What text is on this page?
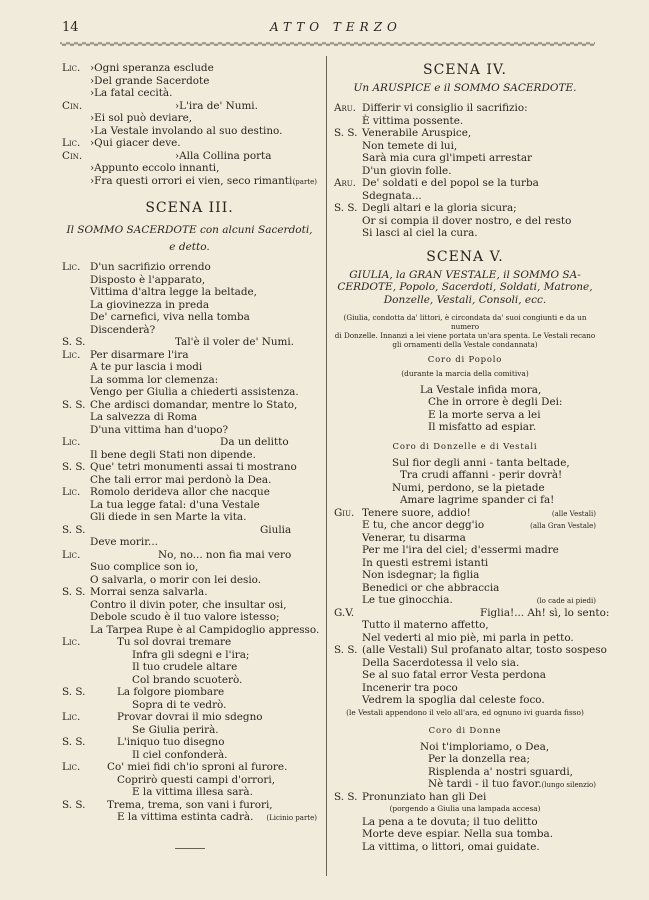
14	ATTO TERZO
Lic. ›Ogni speranza esclude
›Del grande Sacerdote
›La fatal cecità.
Cin.	›L'ira de' Numi.
›Ei sol può deviare,
›La Vestale involando al suo destino.
Lic. ›Qui giacer deve.
Cin.	›Alla Collina porta
›Appunto eccolo innanti,
›Fra questi orrori ei vien, seco rimanti.
(parte)
SCENA III.
Il SOMMO SACERDOTE con alcuni Sacerdoti,
e detto.
Lic. D'un sacrifizio orrendo
Disposto è l'apparato,
Vittima d'altra legge la beltade,
La giovinezza in preda
De' carnefici, viva nella tomba
Discenderà?
S. S.	Tal'è il voler de' Numi.
Lic. Per disarmare l'ira
A te pur lascia i modi
La somma lor clemenza:
Vengo per Giulia a chiederti assistenza.
S. S. Che ardisci domandar, mentre lo Stato,
La salvezza di Roma
D'una vittima han d'uopo?
Lic.	Da un delitto
Il bene degli Stati non dipende.
S. S. Que' tetri monumenti assai ti mostrano
Che tali error mai perdonò la Dea.
Lic. Romolo derideva allor che nacque
La tua legge fatal: d'una Vestale
Gli diede in sen Marte la vita.
S. S.	Giulia
Deve morir...
Lic.	No, no... non fia mai vero
Suo complice son io,
O salvarla, o morir con lei desio.
S. S. Morrai senza salvarla.
Contro il divin poter, che insultar osi,
Debole scudo è il tuo valore istesso;
La Tarpea Rupe è al Campidoglio appresso.
Lic.	Tu sol dovrai tremare
Infra gli sdegni e l'ira;
Il tuo crudele altare
Col brando scuoterò.
S. S.	La folgore piombare
Sopra di te vedrò.
Lic.	Provar dovrai il mio sdegno
Se Giulia perirà.
S. S.	L'iniquo tuo disegno
Il ciel confonderà.
Lic.	Co' miei fidi ch'io sproni al furore.
Coprirò questi campi d'orrori,
E la vittima illesa sarà.
S. S. Trema, trema, son vani i furori,
E la vittima estinta cadrà. (Licinio parte)
SCENA IV.
Un ARUSPICE e il SOMMO SACERDOTE.
Aru. Differir vi consiglio il sacrifizio:
È vittima possente.
S. S. Venerabile Aruspice,
Non temete di lui,
Sarà mia cura gl'impeti arrestar
D'un giovin folle.
Aru. De' soldati e del popol se la turba
Sdegnata...
S. S. Degli altari e la gloria sicura;
Or si compia il dover nostro, e del resto
Si lasci al ciel la cura.
SCENA V.
GIULIA, la GRAN VESTALE, il SOMMO SA-
CERDOTE, Popolo, Sacerdoti, Soldati, Matrone,
Donzelle, Vestali, Consoli, ecc.
(Giulia, condotta da' littori, è circondata da' suoi congiunti e da un numero
di Donzelle. Innanzi a lei viene portata un'ara spenta. Le Vestali recano
gli ornamenti della Vestale condannata)
Coro di Popolo
(durante la marcia della comitiva)
La Vestale infida mora,
Che in orrore è degli Dei:
E la morte serva a lei
Il misfatto ad espiar.
Coro di Donzelle e di Vestali
Sul fior degli anni - tanta beltade,
Tra crudi affanni - perir dovrà!
Numi, perdono, se la pietade
Amare lagrime spander ci fa!
Giu. Tenere suore, addio!	(alle Vestali)
E tu, che ancor degg'io	(alla Gran Vestale)
Venerar, tu disarma
Per me l'ira del ciel; d'essermi madre
In questi estremi istanti
Non isdegnar; la figlia
Benedici or che abbraccia
Le tue ginocchia.	(lo cade ai piedi)
G.V.	Figlia!... Ah! sì, lo sento:
Tutto il materno affetto,
Nel vederti al mio piè, mi parla in petto.
S. S. (alle Vestali) Sul profanato altar, tosto sospeso
Della Sacerdotessa il velo sia.
Se al suo fatal error Vesta perdona
Incenerir tra poco
Vedrem la spoglia dal celeste foco.
(le Vestali appendono il velo all'ara, ed ognuno ivi guarda fisso)
Coro di Donne
Noi t'imploriamo, o Dea,
Per la donzella rea;
Risplenda a' nostri sguardi,
Nè tardi - il tuo favor. (lungo silenzio)
S. S. Pronunziato han gli Dei
(porgendo a Giulia una lampada accesa)
La pena a te dovuta; il tuo delitto
Morte deve espiar. Nella sua tomba.
La vittima, o littori, omai guidate.
